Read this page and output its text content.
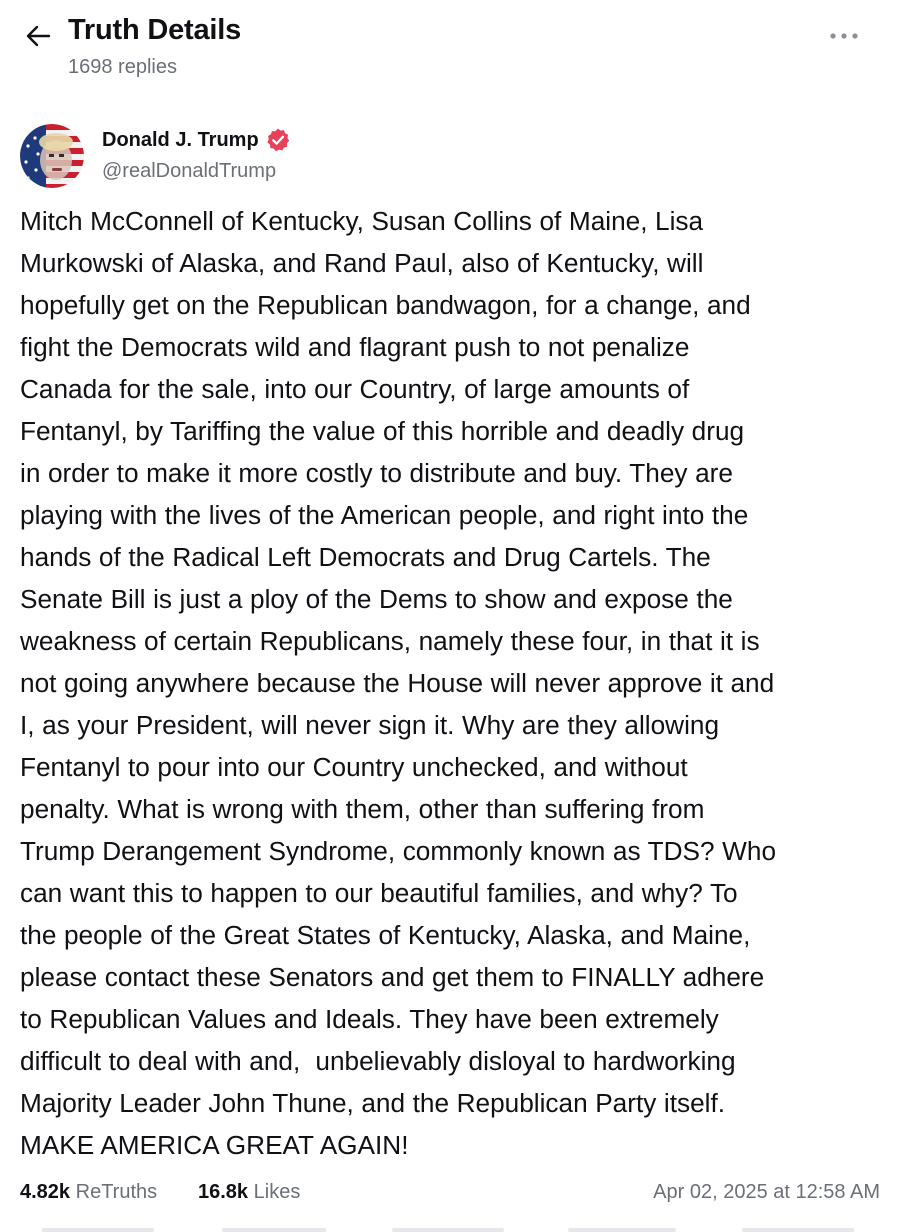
Truth Details
1698 replies
Donald J. Trump
@realDonaldTrump
Mitch McConnell of Kentucky, Susan Collins of Maine, Lisa
Murkowski of Alaska, and Rand Paul, also of Kentucky, will
hopefully get on the Republican bandwagon, for a change, and
fight the Democrats wild and flagrant push to not penalize
Canada for the sale, into our Country, of large amounts of
Fentanyl, by Tariffing the value of this horrible and deadly drug
in order to make it more costly to distribute and buy. They are
playing with the lives of the American people, and right into the
hands of the Radical Left Democrats and Drug Cartels. The
Senate Bill is just a ploy of the Dems to show and expose the
weakness of certain Republicans, namely these four, in that it is
not going anywhere because the House will never approve it and
I, as your President, will never sign it. Why are they allowing
Fentanyl to pour into our Country unchecked, and without
penalty. What is wrong with them, other than suffering from
Trump Derangement Syndrome, commonly known as TDS? Who
can want this to happen to our beautiful families, and why? To
the people of the Great States of Kentucky, Alaska, and Maine,
please contact these Senators and get them to FINALLY adhere
to Republican Values and Ideals. They have been extremely
difficult to deal with and,  unbelievably disloyal to hardworking
Majority Leader John Thune, and the Republican Party itself.
MAKE AMERICA GREAT AGAIN!
4.82k ReTruths 16.8k Likes	Apr 02, 2025 at 12:58 AM
